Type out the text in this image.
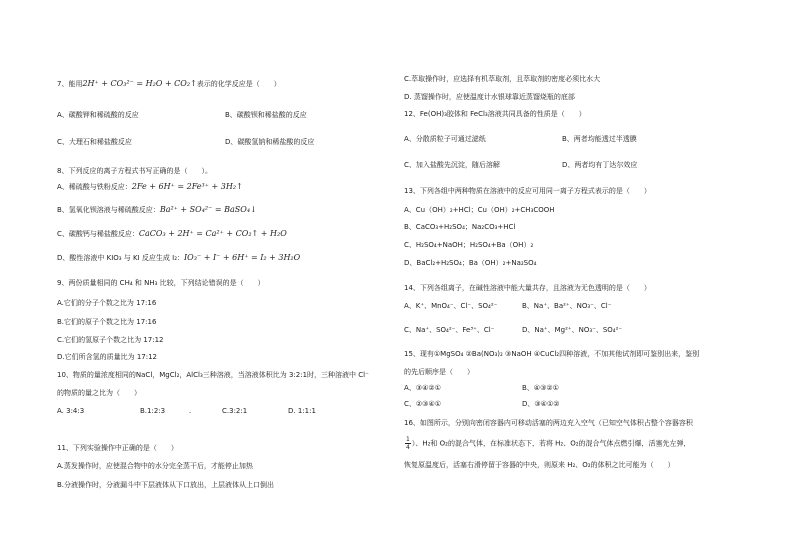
7、能用2H⁺ + CO₃²⁻ = H₂O + CO₂↑表示的化学反应是（　　）
A、碳酸钾和稀硫酸的反应	B、碳酸钡和稀盐酸的反应
C、大理石和稀盐酸反应	D、碳酸氢钠和稀盐酸的反应
8、下列反应的离子方程式书写正确的是（　　）。
A、稀硫酸与铁粉反应：2Fe + 6H⁺ = 2Fe³⁺ + 3H₂↑
B、氢氧化钡溶液与稀硫酸反应：Ba²⁺ + SO₄²⁻ = BaSO₄↓
C、碳酸钙与稀盐酸反应：CaCO₃ + 2H⁺ = Ca²⁺ + CO₂↑ + H₂O
D、酸性溶液中 KIO₃ 与 KI 反应生成 I₂：IO₃⁻ + I⁻ + 6H⁺ = I₂ + 3H₂O
9、两份质量相同的 CH₄ 和 NH₃ 比较，下列结论错误的是（　　）
A.它们的分子个数之比为 17:16
B.它们的原子个数之比为 17:16
C.它们的氢原子个数之比为 17:12
D.它们所含氢的质量比为 17:12
10、物质的量浓度相同的NaCl，MgCl₂，AlCl₃三种溶液，当溶液体积比为 3:2:1时，三种溶液中 Cl⁻
的物质的量之比为（　　）
A. 3:4:3	B.1:2:3	.	C.3:2:1	D. 1:1:1
11、下列实验操作中正确的是（　　）
A.蒸发操作时，应使混合物中的水分完全蒸干后，才能停止加热
B.分液操作时，分液漏斗中下层液体从下口放出，上层液体从上口倒出
C.萃取操作时，应选择有机萃取剂，且萃取剂的密度必须比水大
D. 蒸馏操作时，应使温度计水银球靠近蒸馏烧瓶的底部
12、Fe(OH)₃胶体和 FeCl₃溶液共同具备的性质是（　　）
A、分散质粒子可通过滤纸	B、两者均能透过半透膜
C、加入盐酸先沉淀，随后溶解	D、两者均有丁达尔效应
13、下列各组中两种物质在溶液中的反应可用同一离子方程式表示的是（　　）
A、Cu（OH）₂+HCl；Cu（OH）₂+CH₃COOH
B、CaCO₃+H₂SO₄；Na₂CO₃+HCl
C、H₂SO₄+NaOH；H₂SO₄+Ba（OH）₂
D、BaCl₂+H₂SO₄；Ba（OH）₂+Na₂SO₄
14、下列各组离子，在碱性溶液中能大量共存，且溶液为无色透明的是（　　）
A、K⁺、MnO₄⁻、Cl⁻、SO₄²⁻	B、Na⁺、Ba²⁺、NO₃⁻、Cl⁻
C、Na⁺、SO₄²⁻、Fe³⁺、Cl⁻	D、Na⁺、Mg²⁺、NO₃⁻、SO₄²⁻
15、现有①MgSO₄ ②Ba(NO₃)₂ ③NaOH ④CuCl₂四种溶液，不加其他试剂即可鉴别出来，鉴别
的先后顺序是（　　）
A、③④②①	B、④③②①
C、②③④①	D、③④①②
16、如图所示，分别向密闭容器内可移动活塞的两边充入空气（已知空气体积占整个容器容积
$\frac{1}{4}$ ）、H₂和 O₂的混合气体，在标准状态下，若将 H₂、O₂的混合气体点燃引爆，活塞先左弹，
恢复原温度后，活塞右滑停留于容器的中央，则原来 H₂、O₂的体积之比可能为（　　）
